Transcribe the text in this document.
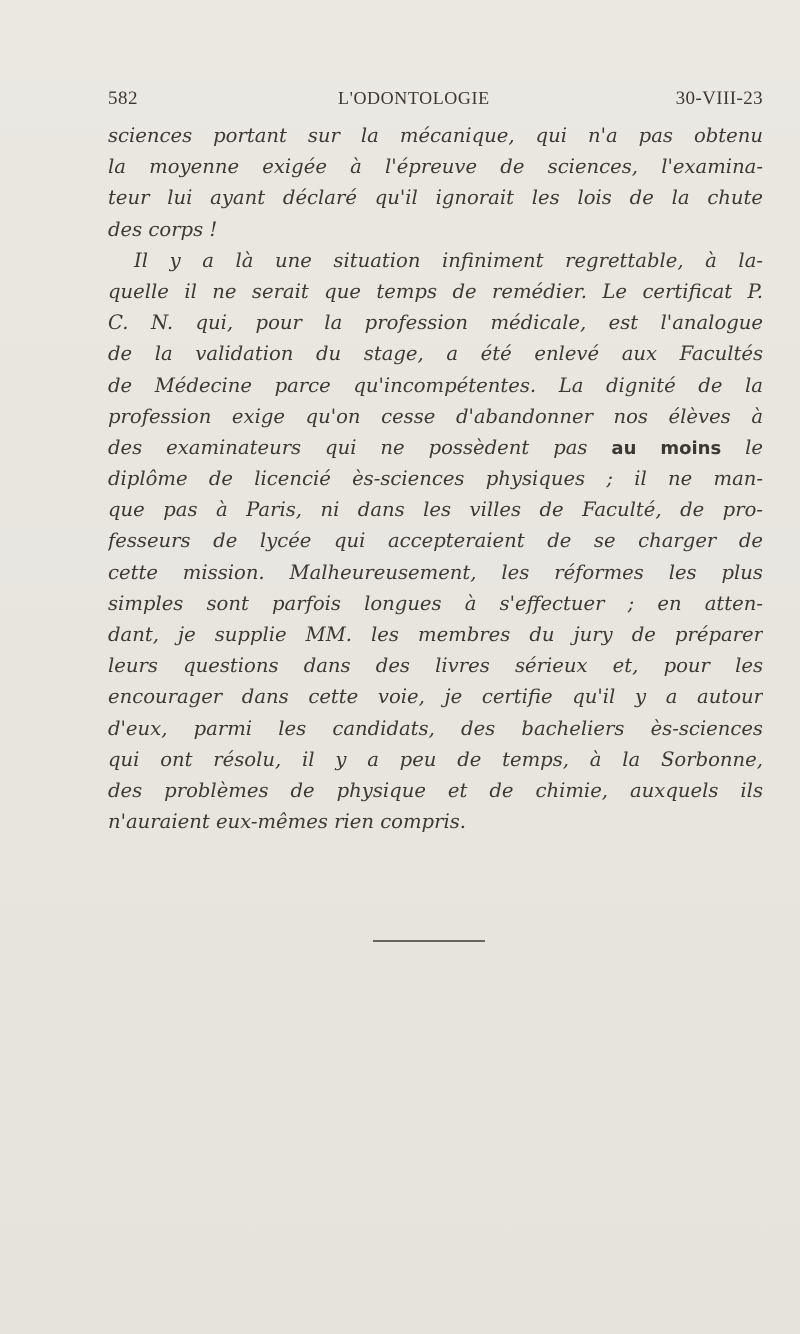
582	L'ODONTOLOGIE	30-VIII-23
sciences portant sur la mécanique, qui n'a pas obtenu
la moyenne exigée à l'épreuve de sciences, l'examina-
teur lui ayant déclaré qu'il ignorait les lois de la chute
des corps !
Il y a là une situation infiniment regrettable, à la-
quelle il ne serait que temps de remédier. Le certificat P.
C. N. qui, pour la profession médicale, est l'analogue
de la validation du stage, a été enlevé aux Facultés
de Médecine parce qu'incompétentes. La dignité de la
profession exige qu'on cesse d'abandonner nos élèves à
des examinateurs qui ne possèdent pas au moins le
diplôme de licencié ès-sciences physiques ; il ne man-
que pas à Paris, ni dans les villes de Faculté, de pro-
fesseurs de lycée qui accepteraient de se charger de
cette mission. Malheureusement, les réformes les plus
simples sont parfois longues à s'effectuer ; en atten-
dant, je supplie MM. les membres du jury de préparer
leurs questions dans des livres sérieux et, pour les
encourager dans cette voie, je certifie qu'il y a autour
d'eux, parmi les candidats, des bacheliers ès-sciences
qui ont résolu, il y a peu de temps, à la Sorbonne,
des problèmes de physique et de chimie, auxquels ils
n'auraient eux-mêmes rien compris.
